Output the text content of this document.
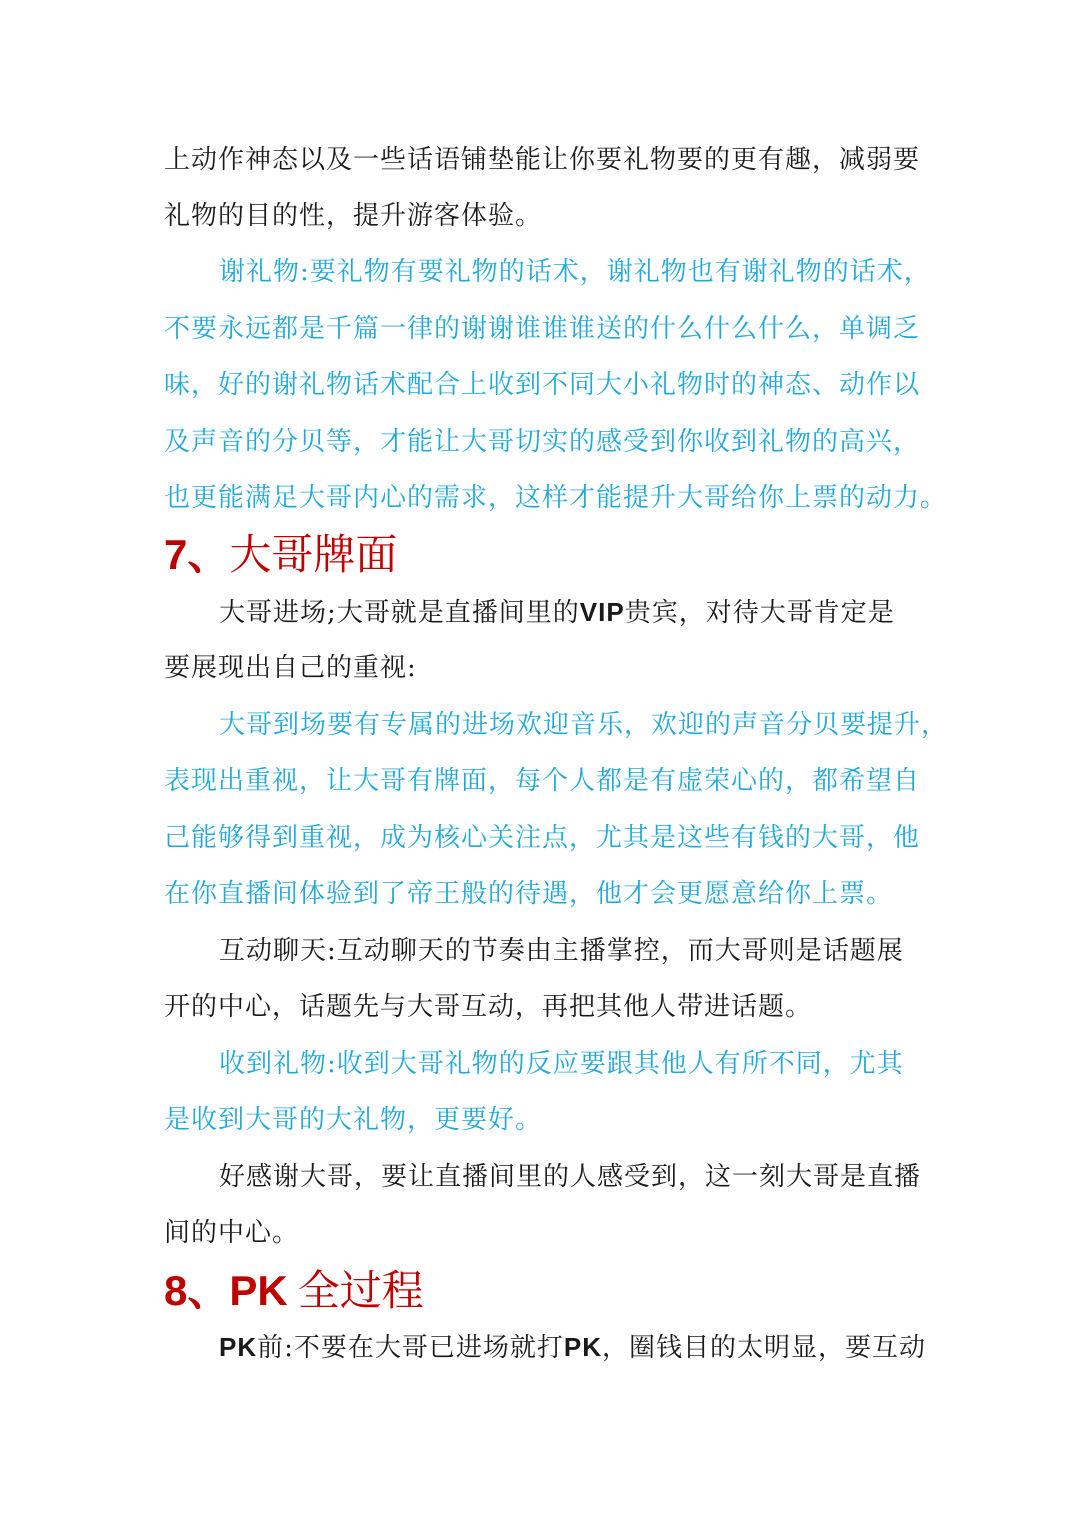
上动作神态以及一些话语铺垫能让你要礼物要的更有趣，减弱要
礼物的目的性，提升游客体验。
谢礼物:要礼物有要礼物的话术，谢礼物也有谢礼物的话术，
不要永远都是千篇一律的谢谢谁谁谁送的什么什么什么，单调乏
味，好的谢礼物话术配合上收到不同大小礼物时的神态、动作以
及声音的分贝等，才能让大哥切实的感受到你收到礼物的高兴，
也更能满足大哥内心的需求，这样才能提升大哥给你上票的动力。
7、大哥牌面
大哥进场;大哥就是直播间里的VIP贵宾，对待大哥肯定是
要展现出自己的重视:
大哥到场要有专属的进场欢迎音乐，欢迎的声音分贝要提升，
表现出重视，让大哥有牌面，每个人都是有虚荣心的，都希望自
己能够得到重视，成为核心关注点，尤其是这些有钱的大哥，他
在你直播间体验到了帝王般的待遇，他才会更愿意给你上票。
互动聊天:互动聊天的节奏由主播掌控，而大哥则是话题展
开的中心，话题先与大哥互动，再把其他人带进话题。
收到礼物:收到大哥礼物的反应要跟其他人有所不同，尤其
是收到大哥的大礼物，更要好。
好感谢大哥，要让直播间里的人感受到，这一刻大哥是直播
间的中心。
8、PK 全过程
PK前:不要在大哥已进场就打PK，圈钱目的太明显，要互动
